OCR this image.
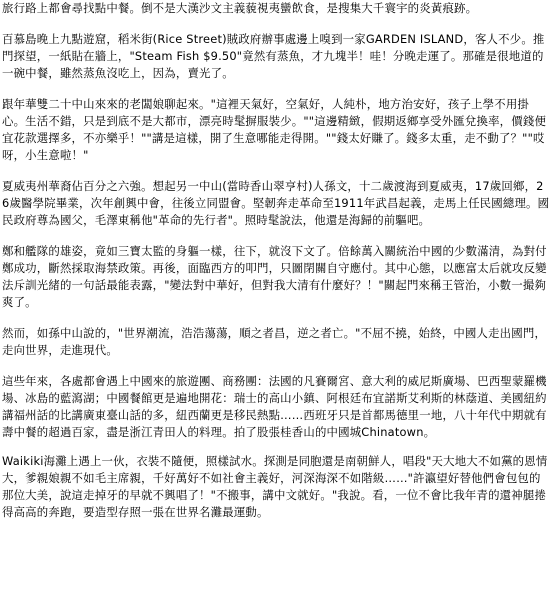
旅行路上都會尋找點中餐。倒不是大漢沙文主義藐視夷蠻飲食，是搜集大千寰宇的炎黃痕跡。

百慕島晚上九點遊窟，稻米街(Rice Street)賊政府辦事處邊上嗅到一家GARDEN ISLAND，客人不少。推門探望，一紙貼在牆上，"Steam Fish $9.50"竟然有蒸魚，才九塊半！哇！分晚走運了。那確是很地道的一碗中餐，雖然蒸魚沒吃上，因為，賣光了。

跟年華雙二十中山來來的老闆娘聊起來。"這裡天氣好，空氣好，人純朴，地方治安好，孩子上學不用掛心。生活不錯，只是到底不是大都市，漂亮時髦摒服裝少。""這邊精緻，假期返鄉享受外匯兌換率，價錢便宜花款選擇多，不亦樂乎！""講是這樣，開了生意哪能走得開。""錢太好賺了。錢多太重，走不動了？""哎呀，小生意啦！"

夏威夷州華裔佔百分之六強。想起另一中山(當時香山翠亨村)人孫文，十二歲渡海到夏威夷，17歲回鄉，26歲醫學院畢業，次年創興中會，往後立同盟會。堅韌奔走革命至1911年武昌起義，走馬上任民國總理。國民政府尊為國父，毛澤東稱他"革命的先行者"。照時髦說法，他還是海歸的前驅吧。

鄭和艦隊的雄姿，竟如三寶太監的身軀一樣，往下，就沒下文了。倍餘萬入關統治中國的少數滿清，為對付鄭成功，斷然採取海禁政策。再後，面臨西方的叩門，只圖閉關自守應付。其中心態，以應富太后就攻反變法斥訓光緒的一句話最能表露，"變法對中華好，但對我大清有什麼好？！"關起門來稱王管治，小數一撮夠爽了。

然而，如孫中山說的，"世界潮流，浩浩蕩蕩，順之者昌，逆之者亡。"不屈不撓，始終，中國人走出國門，走向世界，走進現代。

這些年來，各處都會遇上中國來的旅遊團、商務團：法國的凡賽爾宮、意大利的威尼斯廣場、巴西聖蒙羅機場、冰島的藍瀉湖；中國餐館更是遍地開花：瑞士的高山小鎮、阿根廷布宜諾斯艾利斯的林蔭道、美國紐約講福州話的比講廣東臺山話的多，紐西蘭更是移民熱點……西班牙只是首都馬德里一地，八十年代中期就有壽中餐的超過百家，盡是浙江青田人的料理。拍了股張桂香山的中國城Chinatown。

Waikiki海灘上遇上一伙，衣裝不隨便，照樣試水。探測是同胞還是南朝鮮人，唱段"天大地大不如黨的恩情大，爹親娘親不如毛主席親，千好萬好不如社會主義好，河深海深不如階級……"許瀛望好替他們會包包的那位大美，說這走掉牙的早就不興唱了！"不搬事，講中文就好。"我說。看，一位不會比我年青的還神腿捲得高高的奔跑，要造型存照一張在世界名灘最運動。
